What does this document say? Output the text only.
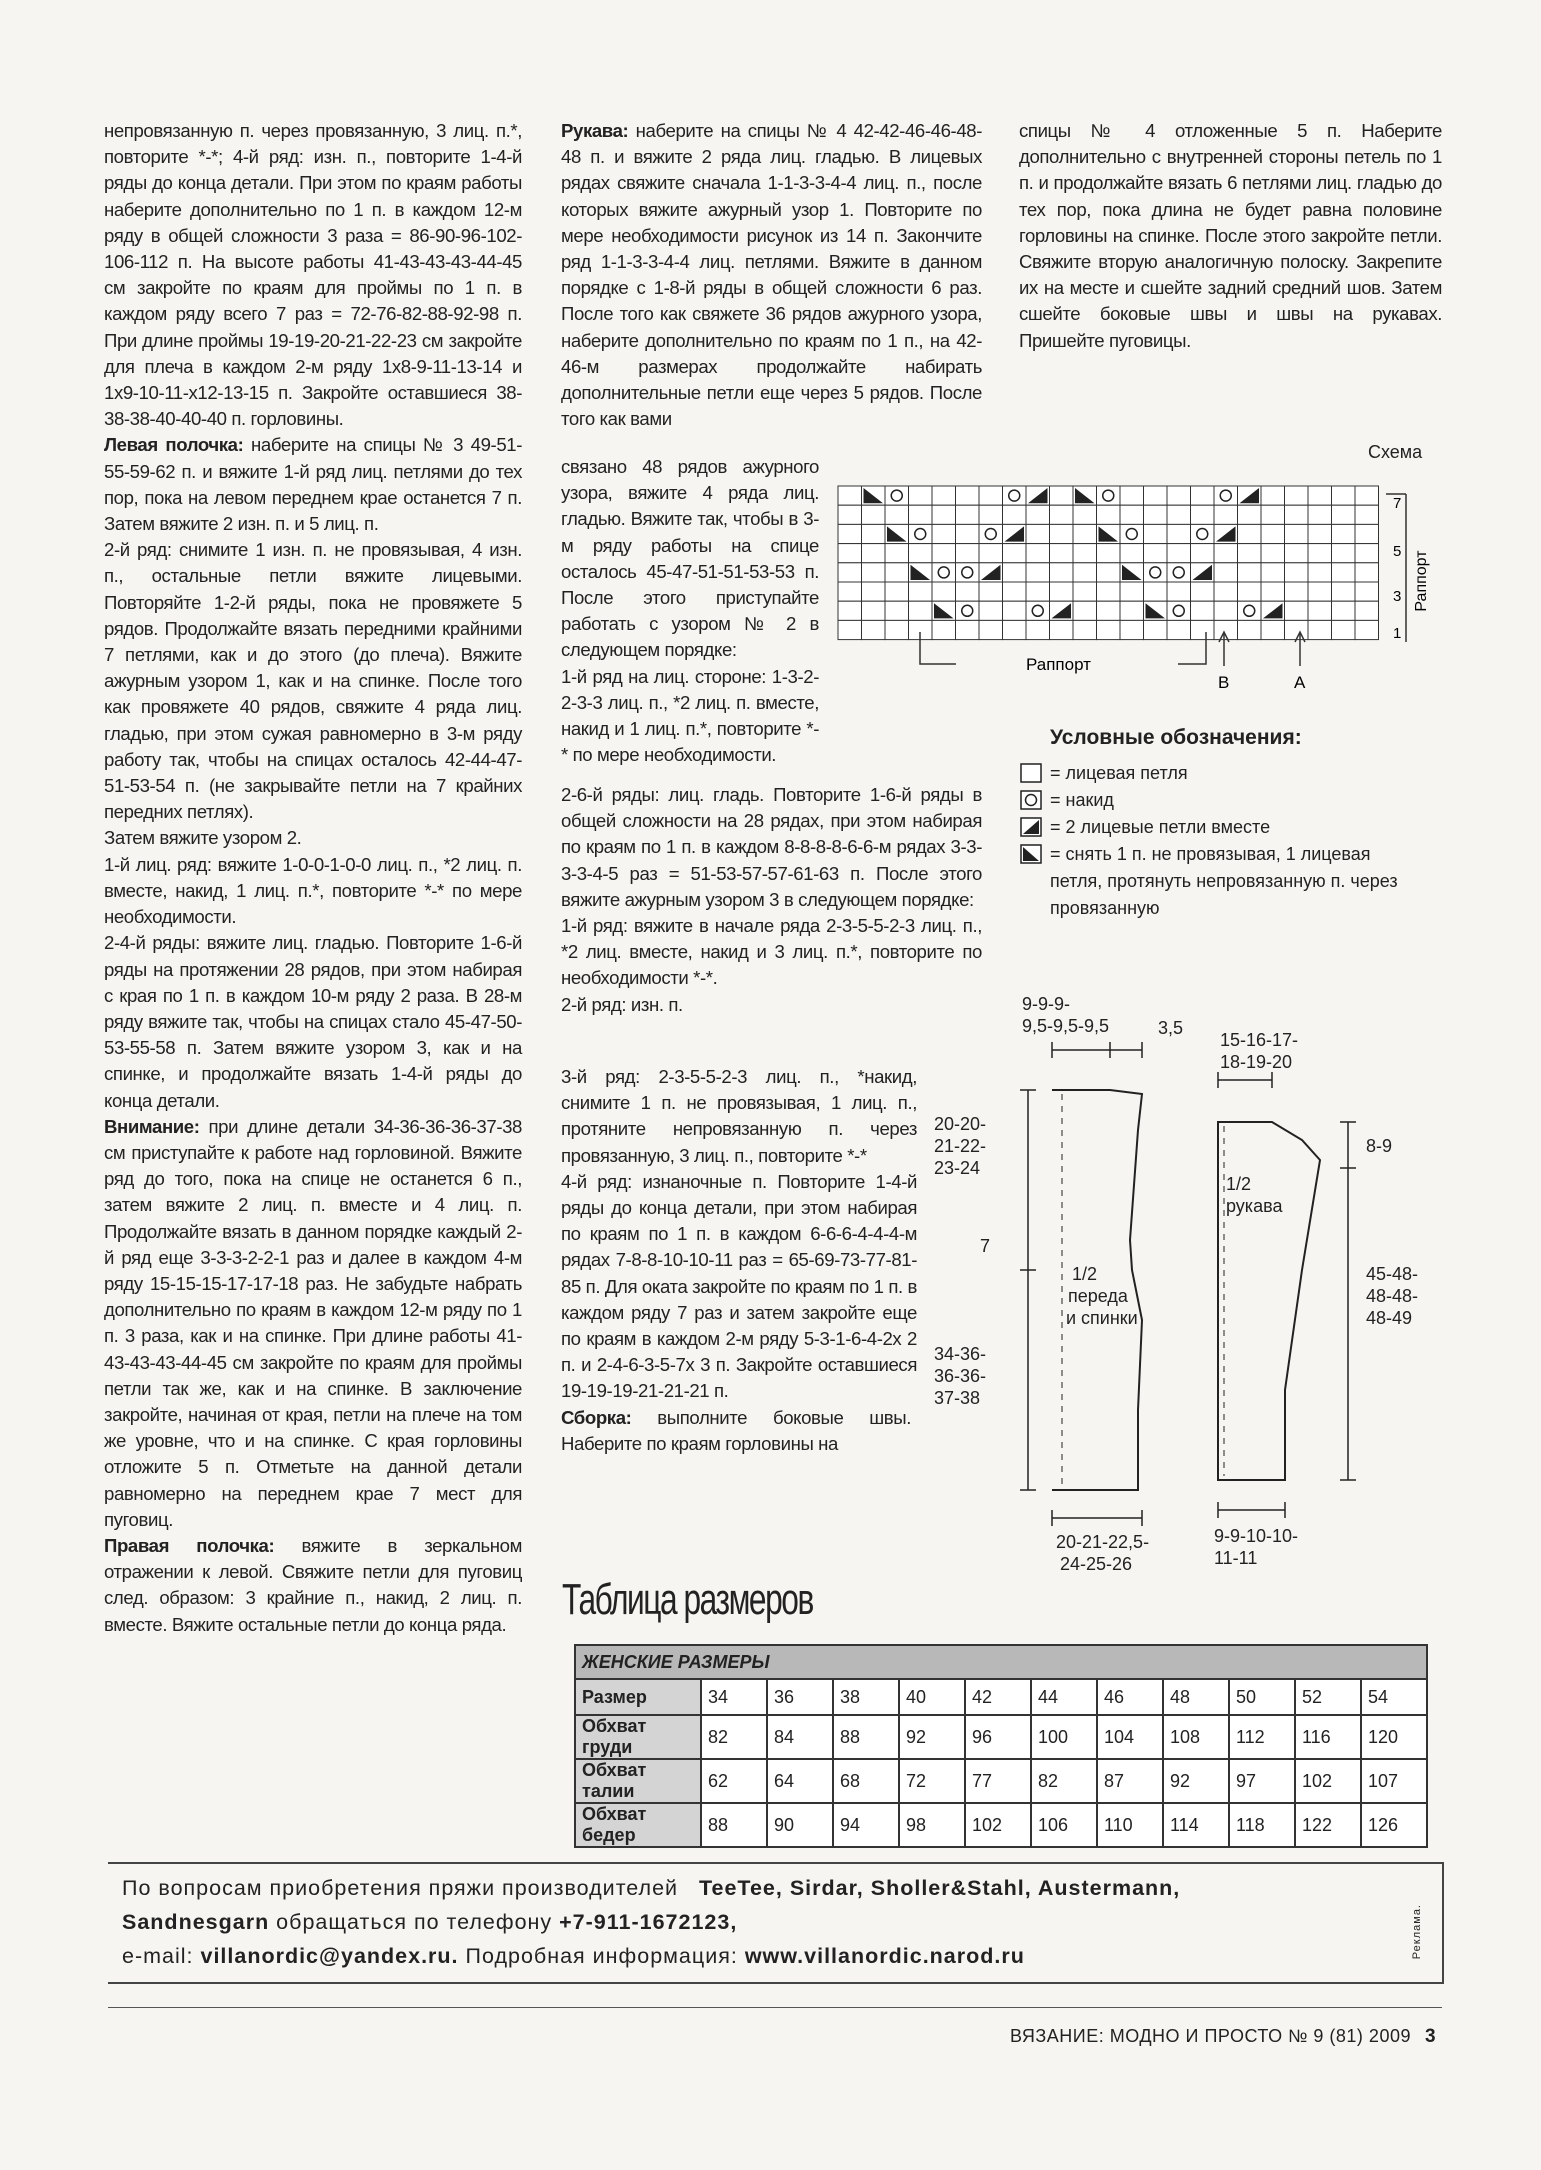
непровязанную п. через провязанную, 3 лиц. п.*, повторите *-*; 4-й ряд: изн. п., повторите 1-4-й ряды до конца детали. При этом по краям работы наберите дополнительно по 1 п. в каждом 12-м ряду в общей сложности 3 раза = 86-90-96-102-106-112 п. На высоте работы 41-43-43-43-44-45 см закройте по краям для проймы по 1 п. в каждом ряду всего 7 раз = 72-76-82-88-92-98 п. При длине проймы 19-19-20-21-22-23 см закройте для плеча в каждом 2-м ряду 1x8-9-11-13-14 и 1x9-10-11-x12-13-15 п. Закройте оставшиеся 38-38-38-40-40-40 п. горловины.

Левая полочка: наберите на спицы № 3 49-51-55-59-62 п. и вяжите 1-й ряд лиц. петлями до тех пор, пока на левом переднем крае останется 7 п. Затем вяжите 2 изн. п. и 5 лиц. п.

2-й ряд: снимите 1 изн. п. не провязывая, 4 изн. п., остальные петли вяжите лицевыми. Повторяйте 1-2-й ряды, пока не провяжете 5 рядов. Продолжайте вязать передними крайними 7 петлями, как и до этого (до плеча). Вяжите ажурным узором 1, как и на спинке. После того как провяжете 40 рядов, свяжите 4 ряда лиц. гладью, при этом сужая равномерно в 3-м ряду работу так, чтобы на спицах осталось 42-44-47-51-53-54 п. (не закрывайте петли на 7 крайних передних петлях).

Затем вяжите узором 2.

1-й лиц. ряд: вяжите 1-0-0-1-0-0 лиц. п., *2 лиц. п. вместе, накид, 1 лиц. п.*, повторите *-* по мере необходимости.

2-4-й ряды: вяжите лиц. гладью. Повторите 1-6-й ряды на протяжении 28 рядов, при этом набирая с края по 1 п. в каждом 10-м ряду 2 раза. В 28-м ряду вяжите так, чтобы на спицах стало 45-47-50-53-55-58 п. Затем вяжите узором 3, как и на спинке, и продолжайте вязать 1-4-й ряды до конца детали.

Внимание: при длине детали 34-36-36-36-37-38 см приступайте к работе над горловиной. Вяжите ряд до того, пока на спице не останется 6 п., затем вяжите 2 лиц. п. вместе и 4 лиц. п. Продолжайте вязать в данном порядке каждый 2-й ряд еще 3-3-3-2-2-1 раз и далее в каждом 4-м ряду 15-15-15-17-17-18 раз. Не забудьте набрать дополнительно по краям в каждом 12-м ряду по 1 п. 3 раза, как и на спинке. При длине работы 41-43-43-43-44-45 см закройте по краям для проймы петли так же, как и на спинке. В заключение закройте, начиная от края, петли на плече на том же уровне, что и на спинке. С края горловины отложите 5 п. Отметьте на данной детали равномерно на переднем крае 7 мест для пуговиц.

Правая полочка: вяжите в зеркальном отражении к левой. Свяжите петли для пуговиц след. образом: 3 крайние п., накид, 2 лиц. п. вместе. Вяжите остальные петли до конца ряда.

Рукава: наберите на спицы № 4 42-42-46-46-48-48 п. и вяжите 2 ряда лиц. гладью. В лицевых рядах свяжите сначала 1-1-3-3-4-4 лиц. п., после которых вяжите ажурный узор 1. Повторите по мере необходимости рисунок из 14 п. Закончите ряд 1-1-3-3-4-4 лиц. петлями. Вяжите в данном порядке с 1-8-й ряды в общей сложности 6 раз. После того как свяжете 36 рядов ажурного узора, наберите дополнительно по краям по 1 п., на 42-46-м размерах продолжайте набирать дополнительные петли еще через 5 рядов. После того как вами

связано 48 рядов ажурного узора, вяжите 4 ряда лиц. гладью. Вяжите так, чтобы в 3-м ряду работы на спице осталось 45-47-51-51-53-53 п. После этого приступайте работать с узором № 2 в следующем порядке:

1-й ряд на лиц. стороне: 1-3-2-2-3-3 лиц. п., *2 лиц. п. вместе, накид и 1 лиц. п.*, повторите *-* по мере необходимости.

2-6-й ряды: лиц. гладь. Повторите 1-6-й ряды в общей сложности на 28 рядах, при этом набирая по краям по 1 п. в каждом 8-8-8-8-6-6-м рядах 3-3-3-3-4-5 раз = 51-53-57-57-61-63 п. После этого вяжите ажурным узором 3 в следующем порядке:

1-й ряд: вяжите в начале ряда 2-3-5-5-2-3 лиц. п., *2 лиц. вместе, накид и 3 лиц. п.*, повторите по необходимости *-*.

2-й ряд: изн. п.

3-й ряд: 2-3-5-5-2-3 лиц. п., *накид, снимите 1 п. не провязывая, 1 лиц. п., протяните непровязанную п. через провязанную, 3 лиц. п., повторите *-*

4-й ряд: изнаночные п. Повторите 1-4-й ряды до конца детали, при этом набирая по краям по 1 п. в каждом 6-6-6-4-4-4-м рядах 7-8-8-10-10-11 раз = 65-69-73-77-81-85 п. Для оката закройте по краям по 1 п. в каждом ряду 7 раз и затем закройте еще по краям в каждом 2-м ряду 5-3-1-6-4-2x 2 п. и 2-4-6-3-5-7x 3 п. Закройте оставшиеся 19-19-19-21-21-21 п.

Сборка: выполните боковые швы. Наберите по краям горловины на

спицы № 4 отложенные 5 п. Наберите дополнительно с внутренней стороны петель по 1 п. и продолжайте вязать 6 петлями лиц. гладью до тех пор, пока длина не будет равна половине горловины на спинке. После этого закройте петли. Свяжите вторую аналогичную полоску. Закрепите их на месте и сшейте задний средний шов. Затем сшейте боковые швы и швы на рукавах. Пришейте пуговицы.

Схема
7
5
3
1
Раппорт
Раппорт
В	А
Условные обозначения:
= лицевая петля
= накид
= 2 лицевые петли вместе
= снять 1 п. не провязывая, 1 лицевая петля, протянуть непровязанную п. через провязанную
9-9-9-
9,5-9,5-9,5	3,5
15-16-17-
18-19-20
20-20-
21-22-
23-24
7
34-36-
36-36-
37-38
1/2
переда
и спинки
1/2
рукава
8-9
45-48-
48-48-
48-49
20-21-22,5-
24-25-26
9-9-10-10-
11-11
Таблица размеров
ЖЕНСКИЕ РАЗМЕРЫ											
Размер	34	36	38	40	42	44	46	48	50	52	54
Обхват груди	82	84	88	92	96	100	104	108	112	116	120
Обхват талии	62	64	68	72	77	82	87	92	97	102	107
Обхват бедер	88	90	94	98	102	106	110	114	118	122	126
По вопросам приобретения пряжи производителей TeeTee, Sirdar, Sholler&Stahl, Austermann,
Sandnesgarn обращаться по телефону +7-911-1672123,
e-mail: villanordic@yandex.ru. Подробная информация: www.villanordic.narod.ru	Реклама.
ВЯЗАНИЕ: МОДНО И ПРОСТО № 9 (81) 2009 3
